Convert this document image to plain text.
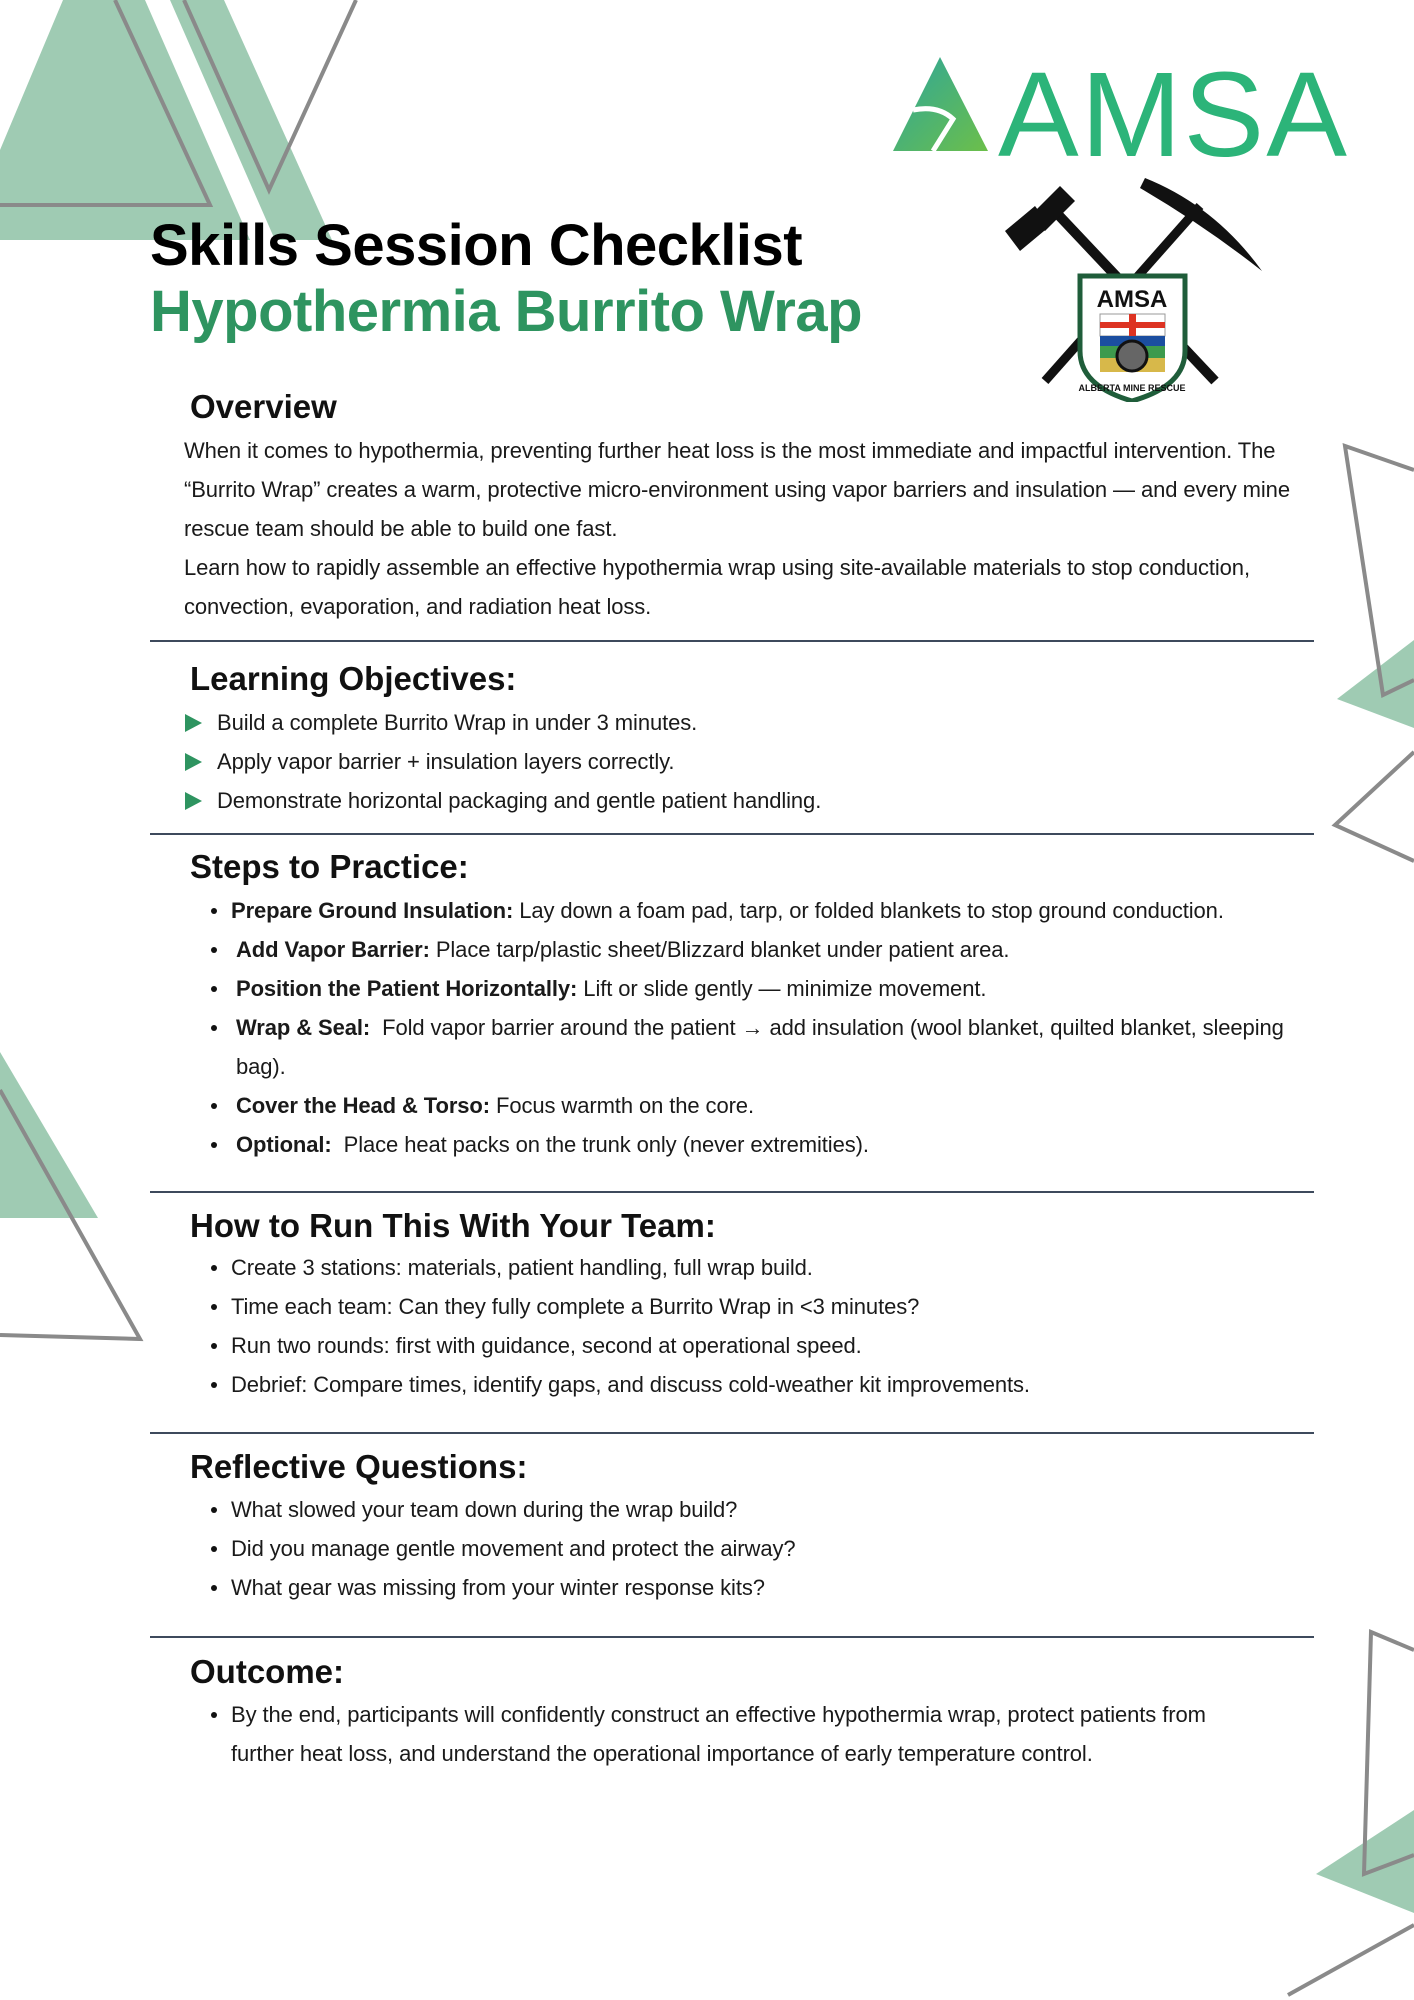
AMSA
AMSA
ALBERTA MINE RESCUE
Skills Session Checklist
Hypothermia Burrito Wrap
Overview
When it comes to hypothermia, preventing further heat loss is the most immediate and impactful intervention. The “Burrito Wrap” creates a warm, protective micro-environment using vapor barriers and insulation — and every mine rescue team should be able to build one fast.
Learn how to rapidly assemble an effective hypothermia wrap using site-available materials to stop conduction, convection, evaporation, and radiation heat loss.
Learning Objectives:
Build a complete Burrito Wrap in under 3 minutes.
Apply vapor barrier + insulation layers correctly.
Demonstrate horizontal packaging and gentle patient handling.
Steps to Practice:
Prepare Ground Insulation: Lay down a foam pad, tarp, or folded blankets to stop ground conduction.
Add Vapor Barrier: Place tarp/plastic sheet/Blizzard blanket under patient area.
Position the Patient Horizontally: Lift or slide gently — minimize movement.
Wrap & Seal:  Fold vapor barrier around the patient → add insulation (wool blanket, quilted blanket, sleeping bag).
Cover the Head & Torso: Focus warmth on the core.
Optional:  Place heat packs on the trunk only (never extremities).
How to Run This With Your Team:
Create 3 stations: materials, patient handling, full wrap build.
Time each team: Can they fully complete a Burrito Wrap in <3 minutes?
Run two rounds: first with guidance, second at operational speed.
Debrief: Compare times, identify gaps, and discuss cold-weather kit improvements.
Reflective Questions:
What slowed your team down during the wrap build?
Did you manage gentle movement and protect the airway?
What gear was missing from your winter response kits?
Outcome:
By the end, participants will confidently construct an effective hypothermia wrap, protect patients from further heat loss, and understand the operational importance of early temperature control.
